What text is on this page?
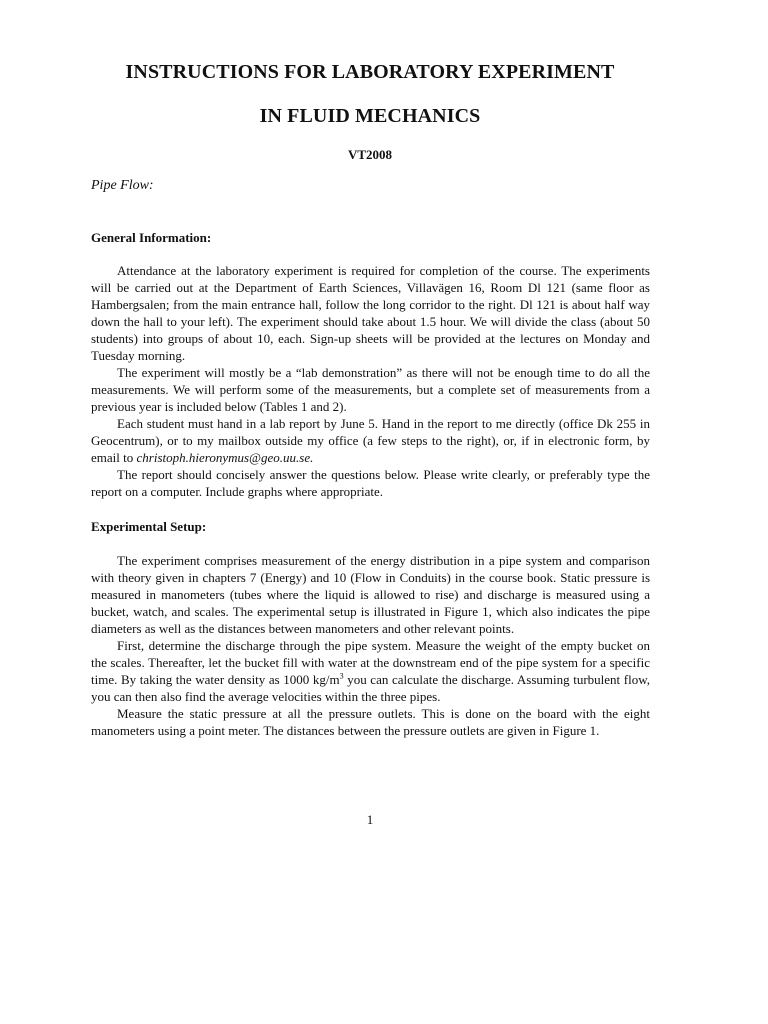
INSTRUCTIONS FOR LABORATORY EXPERIMENT
IN FLUID MECHANICS
VT2008
Pipe Flow:
General Information:

Attendance at the laboratory experiment is required for completion of the course. The experiments will be carried out at the Department of Earth Sciences, Villavägen 16, Room Dl 121 (same floor as Hambergsalen; from the main entrance hall, follow the long corridor to the right. Dl 121 is about half way down the hall to your left). The experiment should take about 1.5 hour. We will divide the class (about 50 students) into groups of about 10, each. Sign-up sheets will be provided at the lectures on Monday and Tuesday morning.

The experiment will mostly be a “lab demonstration” as there will not be enough time to do all the measurements. We will perform some of the measurements, but a complete set of measurements from a previous year is included below (Tables 1 and 2).

Each student must hand in a lab report by June 5. Hand in the report to me directly (office Dk 255 in Geocentrum), or to my mailbox outside my office (a few steps to the right), or, if in electronic form, by email to christoph.hieronymus@geo.uu.se.

The report should concisely answer the questions below. Please write clearly, or preferably type the report on a computer. Include graphs where appropriate.

Experimental Setup:

The experiment comprises measurement of the energy distribution in a pipe system and comparison with theory given in chapters 7 (Energy) and 10 (Flow in Conduits) in the course book. Static pressure is measured in manometers (tubes where the liquid is allowed to rise) and discharge is measured using a bucket, watch, and scales. The experimental setup is illustrated in Figure 1, which also indicates the pipe diameters as well as the distances between manometers and other relevant points.

First, determine the discharge through the pipe system. Measure the weight of the empty bucket on the scales. Thereafter, let the bucket fill with water at the downstream end of the pipe system for a specific time. By taking the water density as 1000 $kg/m^3$ you can calculate the discharge. Assuming turbulent flow, you can then also find the average velocities within the three pipes.

Measure the static pressure at all the pressure outlets. This is done on the board with the eight manometers using a point meter. The distances between the pressure outlets are given in Figure 1.

1
